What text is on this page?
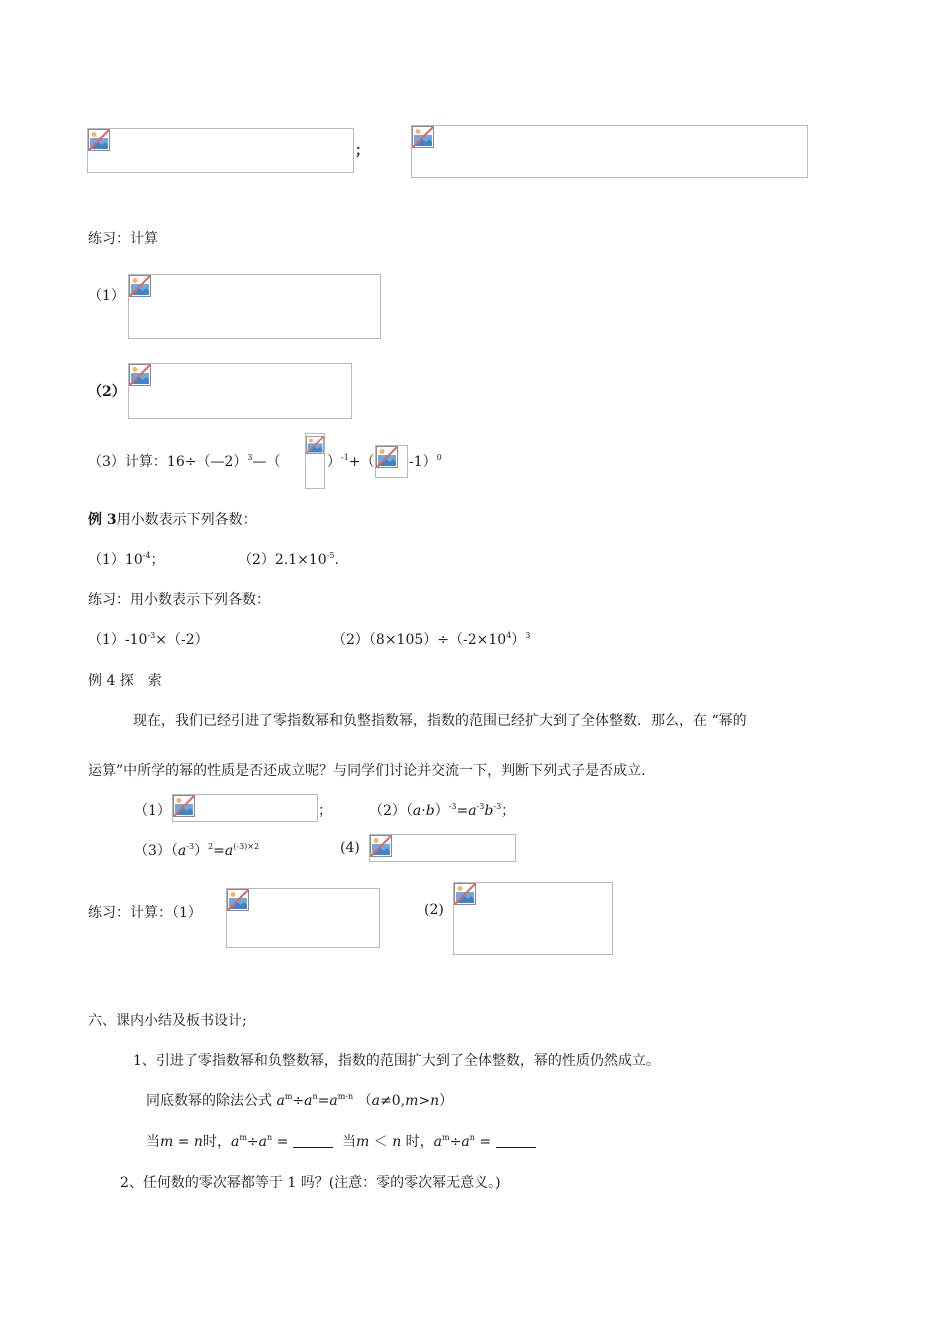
；
练习：计算
（1）
（2）
（3）计算：16÷（—2）$^3$—（	）$^{-1}$+（ -1）$^0$
例 3用小数表示下列各数：
$(1)10^{-4}$；	$(2)2.1\times 10^{-5}$.
练习：用小数表示下列各数：
$(1)-10^{-3}\times(-2)$	$(2)(8\times 105)\div(-2\times 10^4)^3$
例 4 探　索
现在，我们已经引进了零指数幂和负整指数幂，指数的范围已经扩大到了全体整数．那么，在 “幂的
运算”中所学的幂的性质是否还成立呢？与同学们讨论并交流一下，判断下列式子是否成立.
（1）	；	$(2)(a\cdot b)^{-3}=a^{-3}b^{-3}$；
$(3)(a^{-3})^2=a^{(-3)\times 2}$	(4)
练习：计算：（1）	(2)
六、课内小结及板书设计;
1、引进了零指数幂和负整数幂，指数的范围扩大到了全体整数，幂的性质仍然成立。
同底数幂的除法公式 $a^m\div a^n=a^{m-n}$ （a≠0,m>n）
当m = n时，$a^m\div a^n$ =	当m ＜ n 时，$a^m\div a^n$ =
2、任何数的零次幂都等于 1 吗？(注意：零的零次幂无意义。)
